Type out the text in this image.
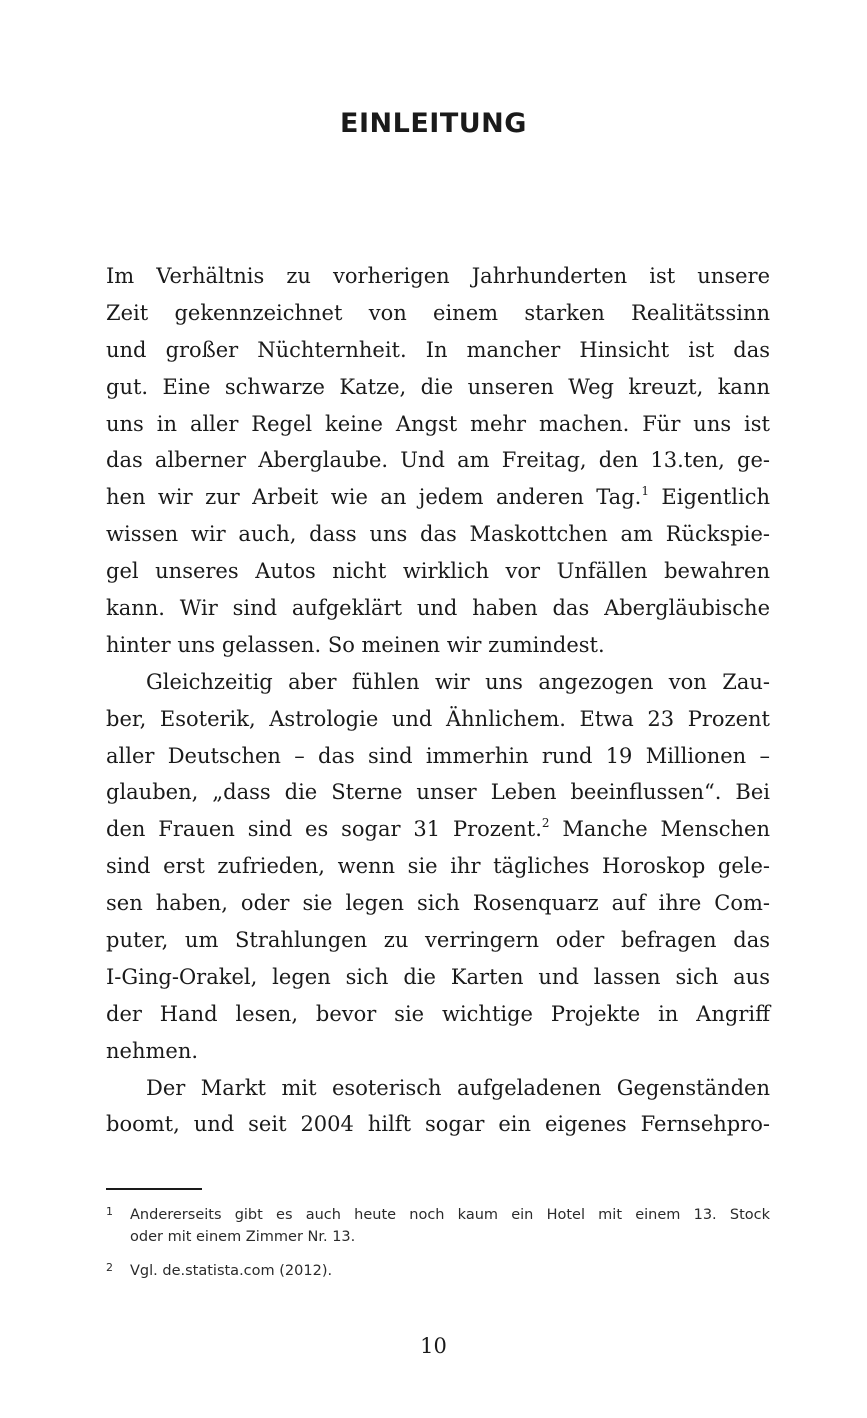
EINLEITUNG
Im Verhältnis zu vorherigen Jahrhunderten ist unsere
Zeit gekennzeichnet von einem starken Realitätssinn
und großer Nüchternheit. In mancher Hinsicht ist das
gut. Eine schwarze Katze, die unseren Weg kreuzt, kann
uns in aller Regel keine Angst mehr machen. Für uns ist
das alberner Aberglaube. Und am Freitag, den 13.ten, ge-
hen wir zur Arbeit wie an jedem anderen Tag.$^1$ Eigentlich
wissen wir auch, dass uns das Maskottchen am Rückspie-
gel unseres Autos nicht wirklich vor Unfällen bewahren
kann. Wir sind aufgeklärt und haben das Abergläubische
hinter uns gelassen. So meinen wir zumindest.
Gleichzeitig aber fühlen wir uns angezogen von Zau-
ber, Esoterik, Astrologie und Ähnlichem. Etwa 23 Prozent
aller Deutschen – das sind immerhin rund 19 Millionen –
glauben, „dass die Sterne unser Leben beeinflussen“. Bei
den Frauen sind es sogar 31 Prozent.$^2$ Manche Menschen
sind erst zufrieden, wenn sie ihr tägliches Horoskop gele-
sen haben, oder sie legen sich Rosenquarz auf ihre Com-
puter, um Strahlungen zu verringern oder befragen das
I-Ging-Orakel, legen sich die Karten und lassen sich aus
der Hand lesen, bevor sie wichtige Projekte in Angriff
nehmen.
Der Markt mit esoterisch aufgeladenen Gegenständen
boomt, und seit 2004 hilft sogar ein eigenes Fernsehpro-
1 Andererseits gibt es auch heute noch kaum ein Hotel mit einem 13. Stock
oder mit einem Zimmer Nr. 13.
2 Vgl. de.statista.com (2012).
10
